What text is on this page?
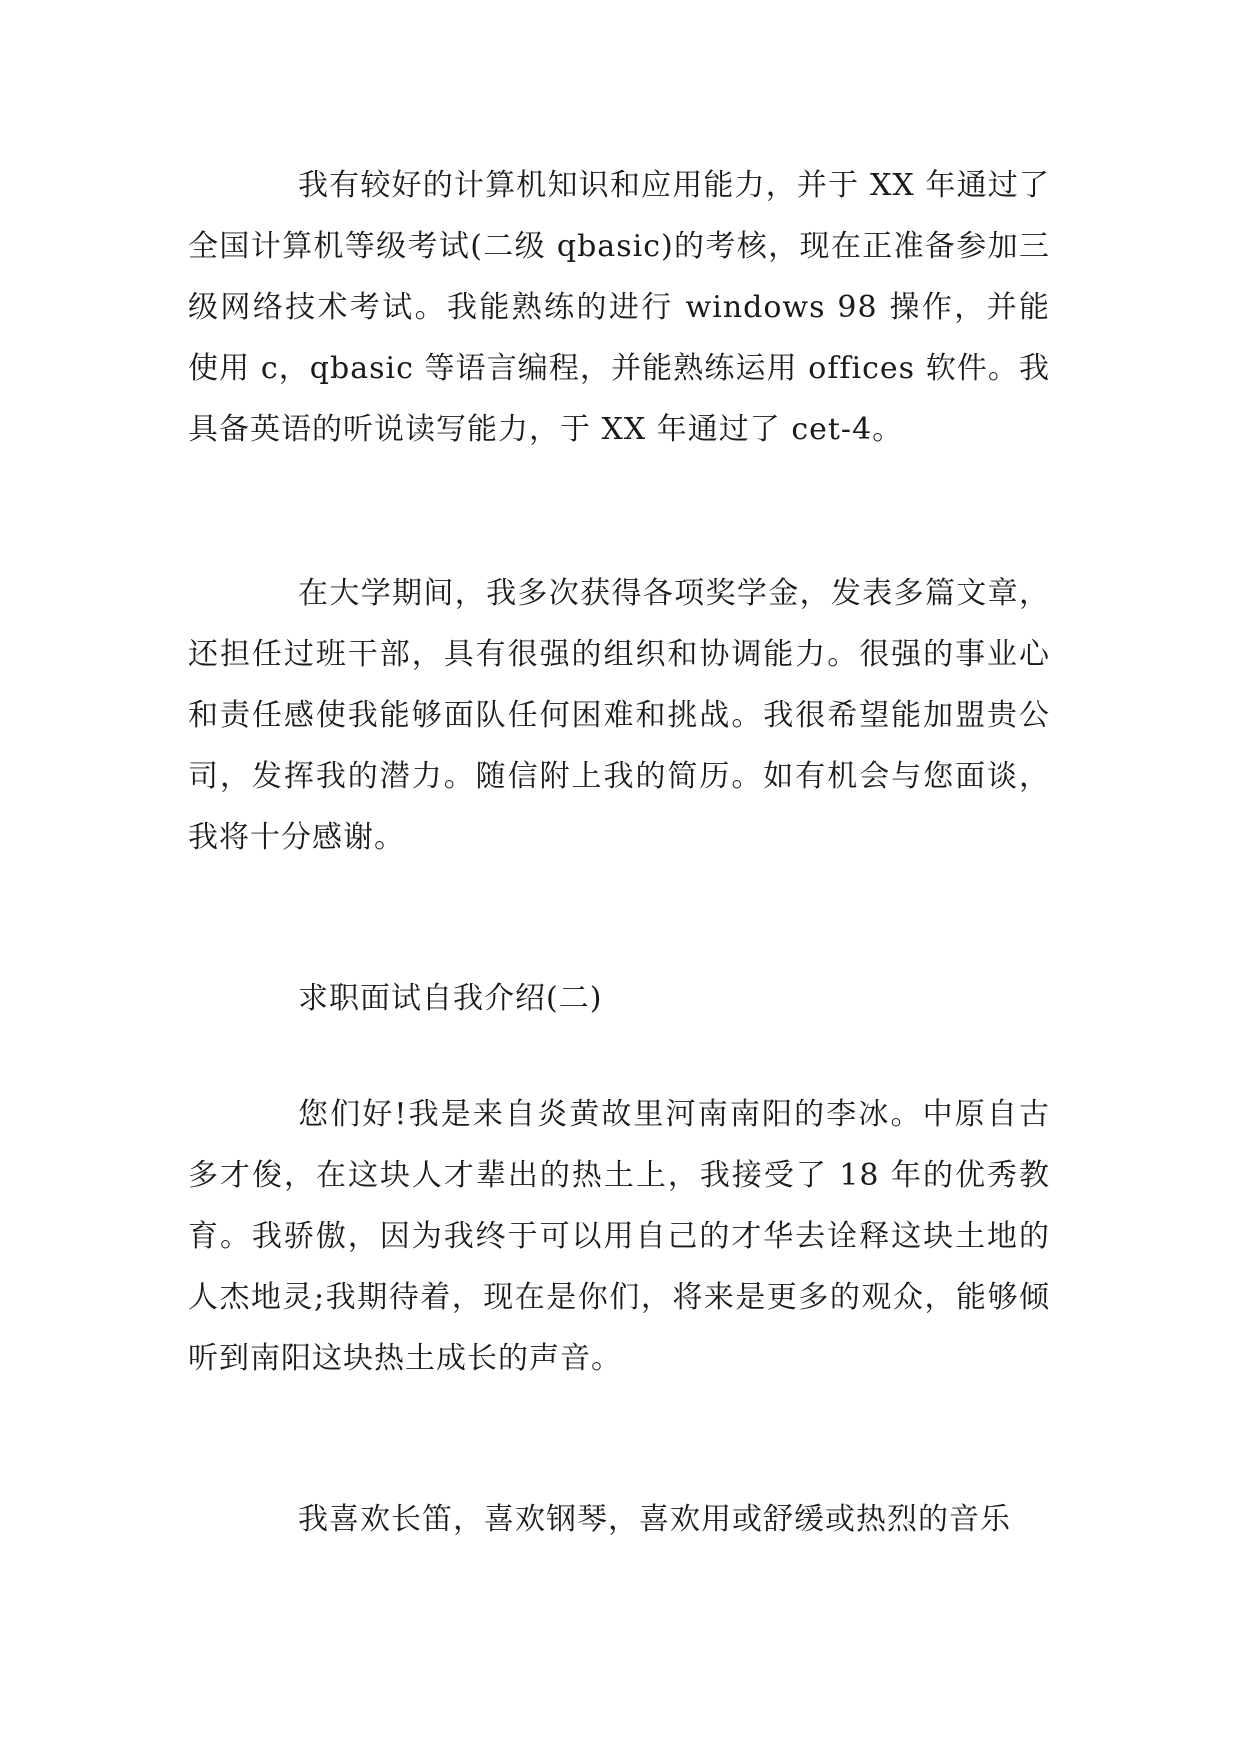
我有较好的计算机知识和应用能力，并于 XX 年通过了全国计算机等级考试(二级 qbasic)的考核，现在正准备参加三级网络技术考试。我能熟练的进行 windows 98 操作，并能使用 c，qbasic 等语言编程，并能熟练运用 offices 软件。我具备英语的听说读写能力，于 XX 年通过了 cet-4。

在大学期间，我多次获得各项奖学金，发表多篇文章，还担任过班干部，具有很强的组织和协调能力。很强的事业心和责任感使我能够面队任何困难和挑战。我很希望能加盟贵公司，发挥我的潜力。随信附上我的简历。如有机会与您面谈，我将十分感谢。

求职面试自我介绍(二)

您们好!我是来自炎黄故里河南南阳的李冰。中原自古多才俊，在这块人才辈出的热土上，我接受了 18 年的优秀教育。我骄傲，因为我终于可以用自己的才华去诠释这块土地的人杰地灵;我期待着，现在是你们，将来是更多的观众，能够倾听到南阳这块热土成长的声音。

我喜欢长笛，喜欢钢琴，喜欢用或舒缓或热烈的音乐
